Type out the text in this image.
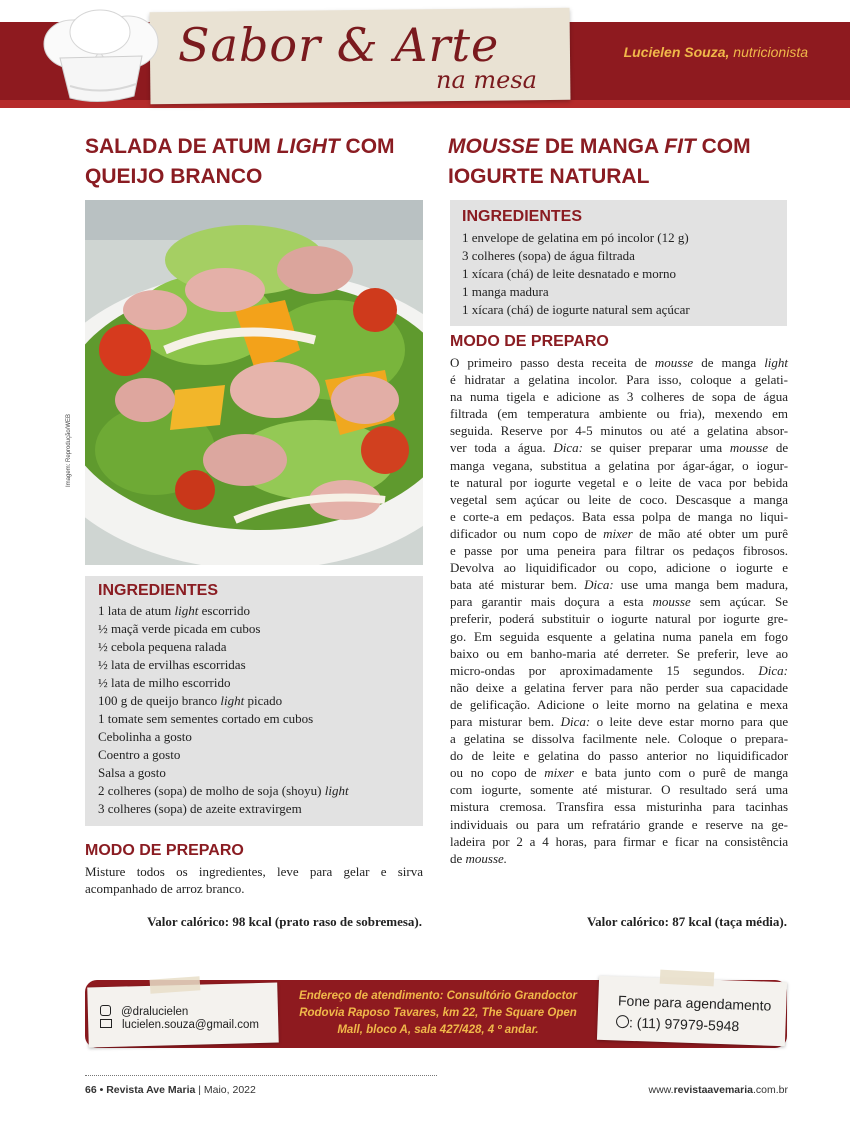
Sabor & Arte
na mesa
Lucielen Souza, nutricionista
SALADA DE ATUM LIGHT COM
QUEIJO BRANCO
Imagem: Reprodução/WEB
INGREDIENTES
1 lata de atum light escorrido
½ maçã verde picada em cubos
½ cebola pequena ralada
½ lata de ervilhas escorridas
½ lata de milho escorrido
100 g de queijo branco light picado
1 tomate sem sementes cortado em cubos
Cebolinha a gosto
Coentro a gosto
Salsa a gosto
2 colheres (sopa) de molho de soja (shoyu) light
3 colheres (sopa) de azeite extravirgem
MODO DE PREPARO
Misture todos os ingredientes, leve para gelar e sirva acompanhado de arroz branco.
Valor calórico: 98 kcal (prato raso de sobremesa).
MOUSSE DE MANGA FIT COM
IOGURTE NATURAL
INGREDIENTES
1 envelope de gelatina em pó incolor (12 g)
3 colheres (sopa) de água filtrada
1 xícara (chá) de leite desnatado e morno
1 manga madura
1 xícara (chá) de iogurte natural sem açúcar
MODO DE PREPARO
O primeiro passo desta receita de mousse de manga light
é hidratar a gelatina incolor. Para isso, coloque a gelati-
na numa tigela e adicione as 3 colheres de sopa de água
filtrada (em temperatura ambiente ou fria), mexendo em
seguida. Reserve por 4-5 minutos ou até a gelatina absor-
ver toda a água. Dica: se quiser preparar uma mousse de
manga vegana, substitua a gelatina por ágar-ágar, o iogur-
te natural por iogurte vegetal e o leite de vaca por bebida
vegetal sem açúcar ou leite de coco. Descasque a manga
e corte-a em pedaços. Bata essa polpa de manga no liqui-
dificador ou num copo de mixer de mão até obter um purê
e passe por uma peneira para filtrar os pedaços fibrosos.
Devolva ao liquidificador ou copo, adicione o iogurte e
bata até misturar bem. Dica: use uma manga bem madura,
para garantir mais doçura a esta mousse sem açúcar. Se
preferir, poderá substituir o iogurte natural por iogurte gre-
go. Em seguida esquente a gelatina numa panela em fogo
baixo ou em banho-maria até derreter. Se preferir, leve ao
micro-ondas por aproximadamente 15 segundos. Dica:
não deixe a gelatina ferver para não perder sua capacidade
de gelificação. Adicione o leite morno na gelatina e mexa
para misturar bem. Dica: o leite deve estar morno para que
a gelatina se dissolva facilmente nele. Coloque o prepara-
do de leite e gelatina do passo anterior no liquidificador
ou no copo de mixer e bata junto com o purê de manga
com iogurte, somente até misturar. O resultado será uma
mistura cremosa. Transfira essa misturinha para tacinhas
individuais ou para um refratário grande e reserve na ge-
ladeira por 2 a 4 horas, para firmar e ficar na consistência
de mousse.
Valor calórico: 87 kcal (taça média).
@dralucielen
lucielen.souza@gmail.com
Endereço de atendimento: Consultório Grandoctor Rodovia Raposo Tavares, km 22, The Square Open Mall, bloco A, sala 427/428, 4 º andar.
Fone para agendamento
: (11) 97979-5948
66 • Revista Ave Maria | Maio, 2022	www.revistaavemaria.com.br
